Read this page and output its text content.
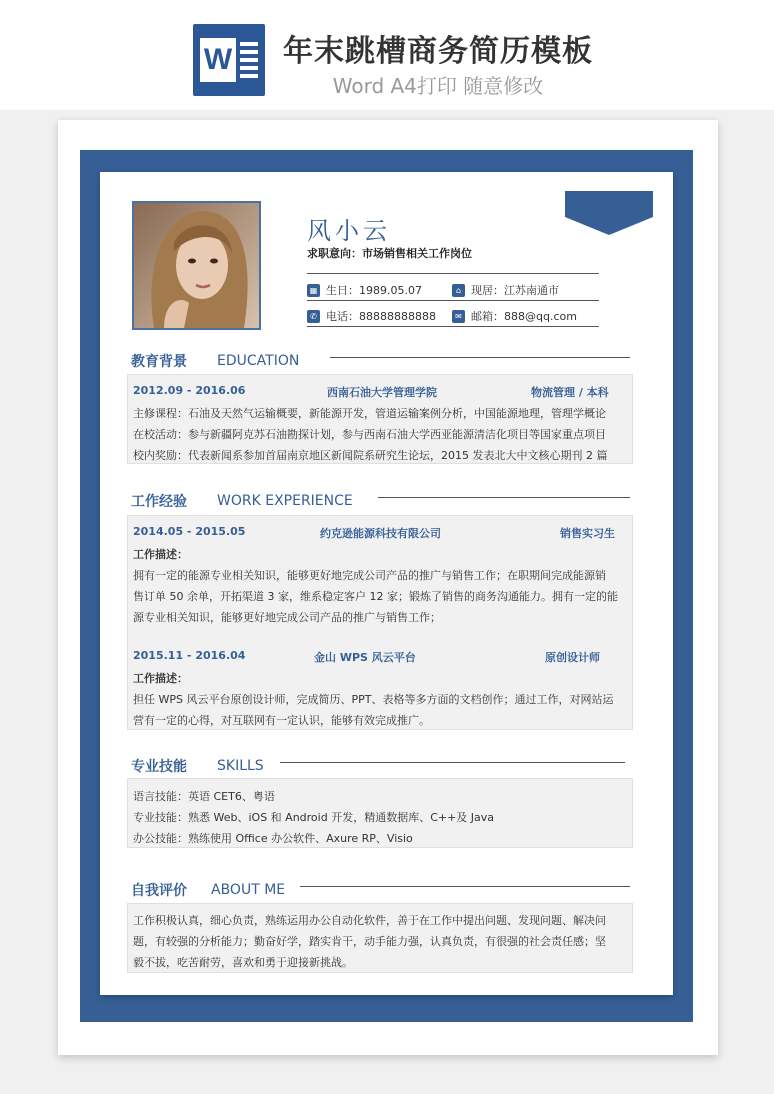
W 年末跳槽商务简历模板
Word A4打印 随意修改
风小云
求职意向：市场销售相关工作岗位
▦ 生日：1989.05.07	⌂ 现居：江苏南通市
✆ 电话：88888888888	✉ 邮箱：888@qq.com
教育背景	EDUCATION
2012.09 - 2016.06	西南石油大学管理学院	物流管理 / 本科
主修课程：石油及天然气运输概要，新能源开发，管道运输案例分析，中国能源地理，管理学概论
在校活动：参与新疆阿克苏石油勘探计划，参与西南石油大学西亚能源清洁化项目等国家重点项目
校内奖励：代表新闻系参加首届南京地区新闻院系研究生论坛，2015 发表北大中文核心期刊 2 篇
工作经验	WORK EXPERIENCE
2014.05 - 2015.05	约克逊能源科技有限公司	销售实习生
工作描述：
拥有一定的能源专业相关知识，能够更好地完成公司产品的推广与销售工作；在职期间完成能源销
售订单 50 余单，开拓渠道 3 家，维系稳定客户 12 家；锻炼了销售的商务沟通能力。拥有一定的能
源专业相关知识，能够更好地完成公司产品的推广与销售工作；
2015.11 - 2016.04	金山 WPS 风云平台	原创设计师
工作描述：
担任 WPS 风云平台原创设计师，完成简历、PPT、表格等多方面的文档创作；通过工作，对网站运
营有一定的心得，对互联网有一定认识，能够有效完成推广。
专业技能	SKILLS
语言技能：英语 CET6、粤语
专业技能：熟悉 Web、iOS 和 Android 开发，精通数据库、C++及 Java
办公技能：熟练使用 Office 办公软件、Axure RP、Visio
自我评价	ABOUT ME
工作积极认真，细心负责，熟练运用办公自动化软件，善于在工作中提出问题、发现问题、解决问
题，有较强的分析能力；勤奋好学，踏实肯干，动手能力强，认真负责，有很强的社会责任感；坚
毅不拔，吃苦耐劳，喜欢和勇于迎接新挑战。
